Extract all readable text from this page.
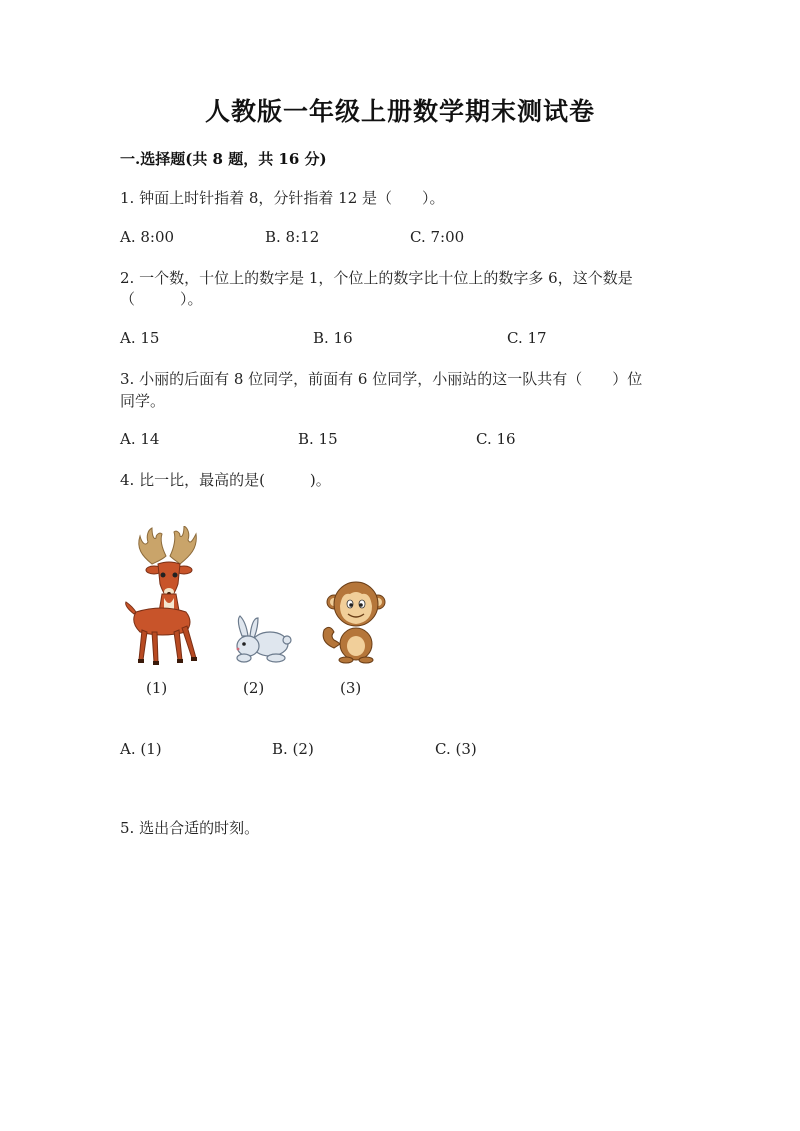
人教版一年级上册数学期末测试卷
一.选择题(共 8 题，共 16 分)
1. 钟面上时针指着 8，分针指着 12 是（　　）。
A. 8:00	B. 8:12	C. 7:00
2. 一个数，十位上的数字是 1，个位上的数字比十位上的数字多 6，这个数是
（　　　）。
A. 15	B. 16	C. 17
3. 小丽的后面有 8 位同学，前面有 6 位同学，小丽站的这一队共有（　　）位
同学。
A. 14	B. 15	C. 16
4. 比一比，最高的是(　　　)。
(1)	(2)	(3)
A. (1)	B. (2)	C. (3)
5. 选出合适的时刻。
